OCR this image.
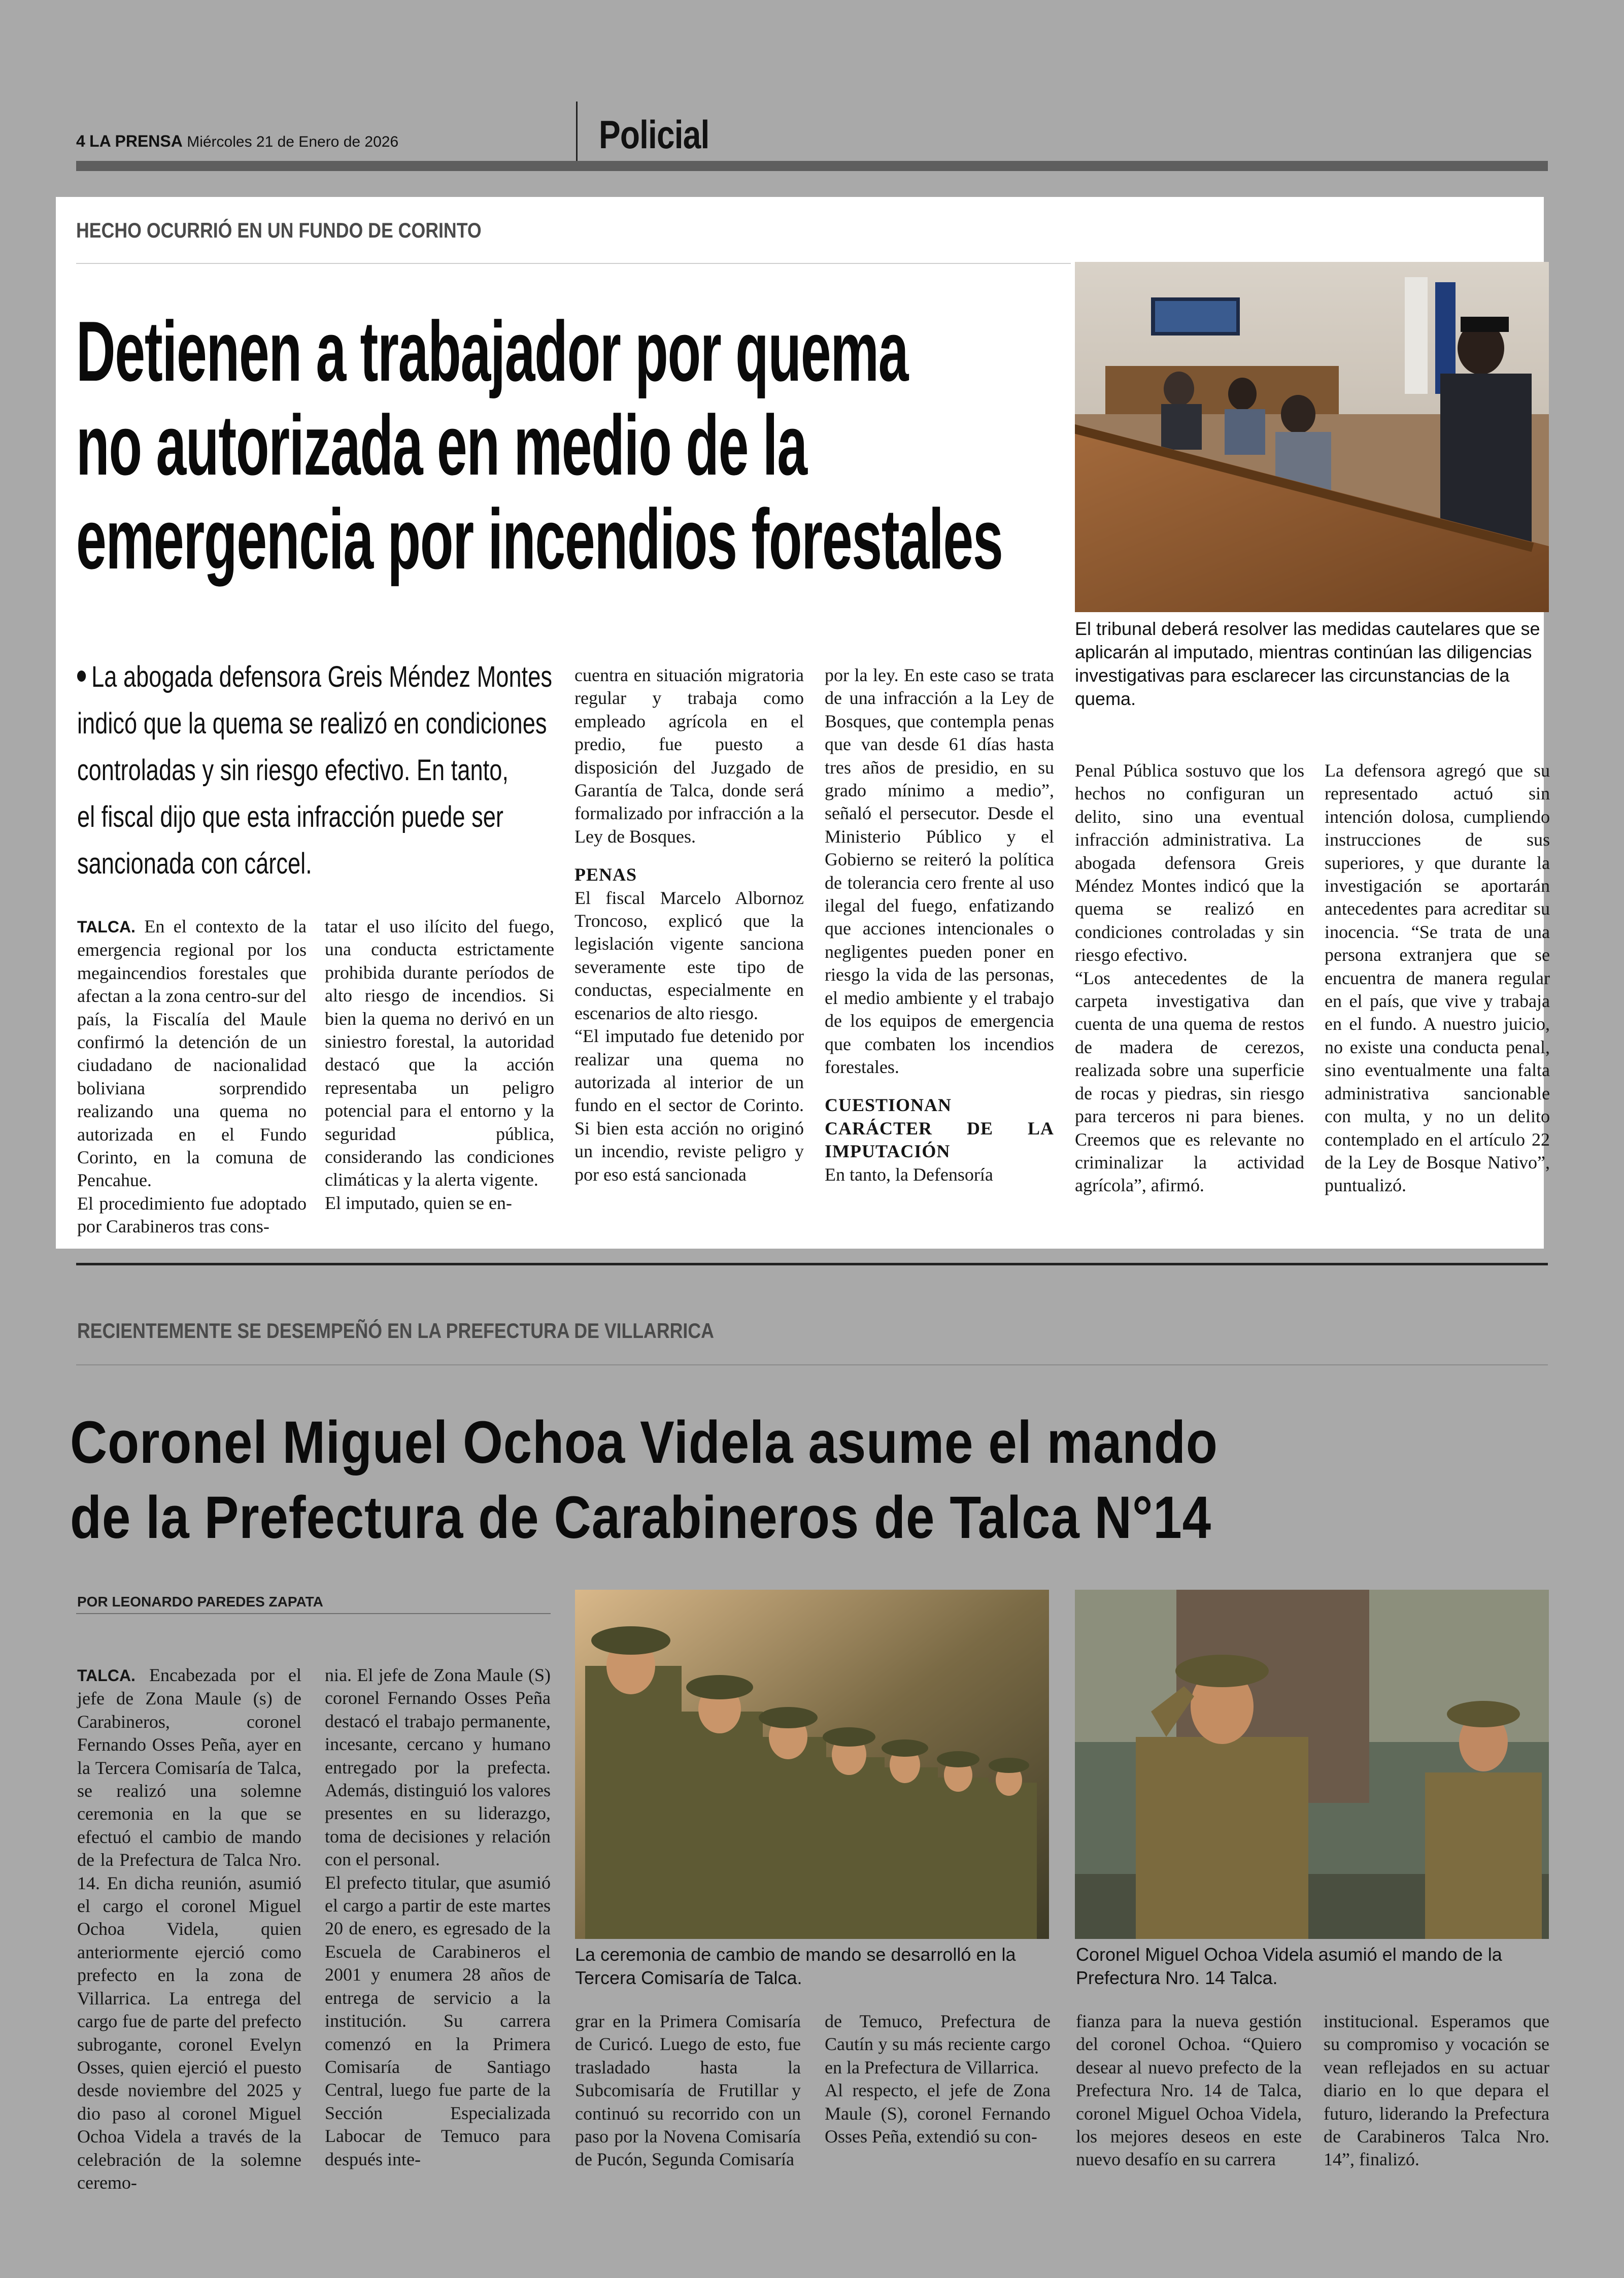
4 LA PRENSA Miércoles 21 de Enero de 2026	Policial
HECHO OCURRIÓ EN UN FUNDO DE CORINTO
Detienen a trabajador por quema
no autorizada en medio de la
emergencia por incendios forestales
El tribunal deberá resolver las medidas cautelares que se aplicarán al imputado, mientras continúan las diligencias investigativas para esclarecer las circunstancias de la quema.
La abogada defensora Greis Méndez Montes
indicó que la quema se realizó en condiciones
controladas y sin riesgo efectivo. En tanto,
el fiscal dijo que esta infracción puede ser
sancionada con cárcel.
TALCA. En el contexto de la emergencia regional por los megaincendios forestales que afectan a la zona centro-sur del país, la Fiscalía del Maule confirmó la detención de un ciudadano de nacionalidad boliviana sorprendido realizando una quema no autorizada en el Fundo Corinto, en la comuna de Pencahue.
El procedimiento fue adoptado por Carabineros tras cons-
tatar el uso ilícito del fuego, una conducta estrictamente prohibida durante períodos de alto riesgo de incendios. Si bien la quema no derivó en un siniestro forestal, la autoridad destacó que la acción representaba un peligro potencial para el entorno y la seguridad pública, considerando las condiciones climáticas y la alerta vigente.
El imputado, quien se en-
cuentra en situación migratoria regular y trabaja como empleado agrícola en el predio, fue puesto a disposición del Juzgado de Garantía de Talca, donde será formalizado por infracción a la Ley de Bosques.
PENAS
El fiscal Marcelo Albornoz Troncoso, explicó que la legislación vigente sanciona severamente este tipo de conductas, especialmente en escenarios de alto riesgo.
“El imputado fue detenido por realizar una quema no autorizada al interior de un fundo en el sector de Corinto. Si bien esta acción no originó un incendio, reviste peligro y por eso está sancionada
por la ley. En este caso se trata de una infracción a la Ley de Bosques, que contempla penas que van desde 61 días hasta tres años de presidio, en su grado mínimo a medio”, señaló el persecutor. Desde el Ministerio Público y el Gobierno se reiteró la política de tolerancia cero frente al uso ilegal del fuego, enfatizando que acciones intencionales o negligentes pueden poner en riesgo la vida de las personas, el medio ambiente y el trabajo de los equipos de emergencia que combaten los incendios forestales.
CUESTIONAN CARÁCTER DE LA IMPUTACIÓN
En tanto, la Defensoría
Penal Pública sostuvo que los hechos no configuran un delito, sino una eventual infracción administrativa. La abogada defensora Greis Méndez Montes indicó que la quema se realizó en condiciones controladas y sin riesgo efectivo.
“Los antecedentes de la carpeta investigativa dan cuenta de una quema de restos de madera de cerezos, realizada sobre una superficie de rocas y piedras, sin riesgo para terceros ni para bienes. Creemos que es relevante no criminalizar la actividad agrícola”, afirmó.
La defensora agregó que su representado actuó sin intención dolosa, cumpliendo instrucciones de sus superiores, y que durante la investigación se aportarán antecedentes para acreditar su inocencia. “Se trata de una persona extranjera que se encuentra de manera regular en el país, que vive y trabaja en el fundo. A nuestro juicio, no existe una conducta penal, sino eventualmente una falta administrativa sancionable con multa, y no un delito contemplado en el artículo 22 de la Ley de Bosque Nativo”, puntualizó.
RECIENTEMENTE SE DESEMPEÑÓ EN LA PREFECTURA DE VILLARRICA
Coronel Miguel Ochoa Videla asume el mando
de la Prefectura de Carabineros de Talca N°14
POR LEONARDO PAREDES ZAPATA
La ceremonia de cambio de mando se desarrolló en la Tercera Comisaría de Talca.
Coronel Miguel Ochoa Videla asumió el mando de la Prefectura Nro. 14 Talca.
TALCA. Encabezada por el jefe de Zona Maule (s) de Carabineros, coronel Fernando Osses Peña, ayer en la Tercera Comisaría de Talca, se realizó una solemne ceremonia en la que se efectuó el cambio de mando de la Prefectura de Talca Nro. 14. En dicha reunión, asumió el cargo el coronel Miguel Ochoa Videla, quien anteriormente ejerció como prefecto en la zona de Villarrica. La entrega del cargo fue de parte del prefecto subrogante, coronel Evelyn Osses, quien ejerció el puesto desde noviembre del 2025 y dio paso al coronel Miguel Ochoa Videla a través de la celebración de la solemne ceremo-
nia. El jefe de Zona Maule (S) coronel Fernando Osses Peña destacó el trabajo permanente, incesante, cercano y humano entregado por la prefecta. Además, distinguió los valores presentes en su liderazgo, toma de decisiones y relación con el personal.
El prefecto titular, que asumió el cargo a partir de este martes 20 de enero, es egresado de la Escuela de Carabineros el 2001 y enumera 28 años de entrega de servicio a la institución. Su carrera comenzó en la Primera Comisaría de Santiago Central, luego fue parte de la Sección Especializada Labocar de Temuco para después inte-
grar en la Primera Comisaría de Curicó. Luego de esto, fue trasladado hasta la Subcomisaría de Frutillar y continuó su recorrido con un paso por la Novena Comisaría de Pucón, Segunda Comisaría
de Temuco, Prefectura de Cautín y su más reciente cargo en la Prefectura de Villarrica.
Al respecto, el jefe de Zona Maule (S), coronel Fernando Osses Peña, extendió su con-
fianza para la nueva gestión del coronel Ochoa. “Quiero desear al nuevo prefecto de la Prefectura Nro. 14 de Talca, coronel Miguel Ochoa Videla, los mejores deseos en este nuevo desafío en su carrera
institucional. Esperamos que su compromiso y vocación se vean reflejados en su actuar diario en lo que depara el futuro, liderando la Prefectura de Carabineros Talca Nro. 14”, finalizó.
